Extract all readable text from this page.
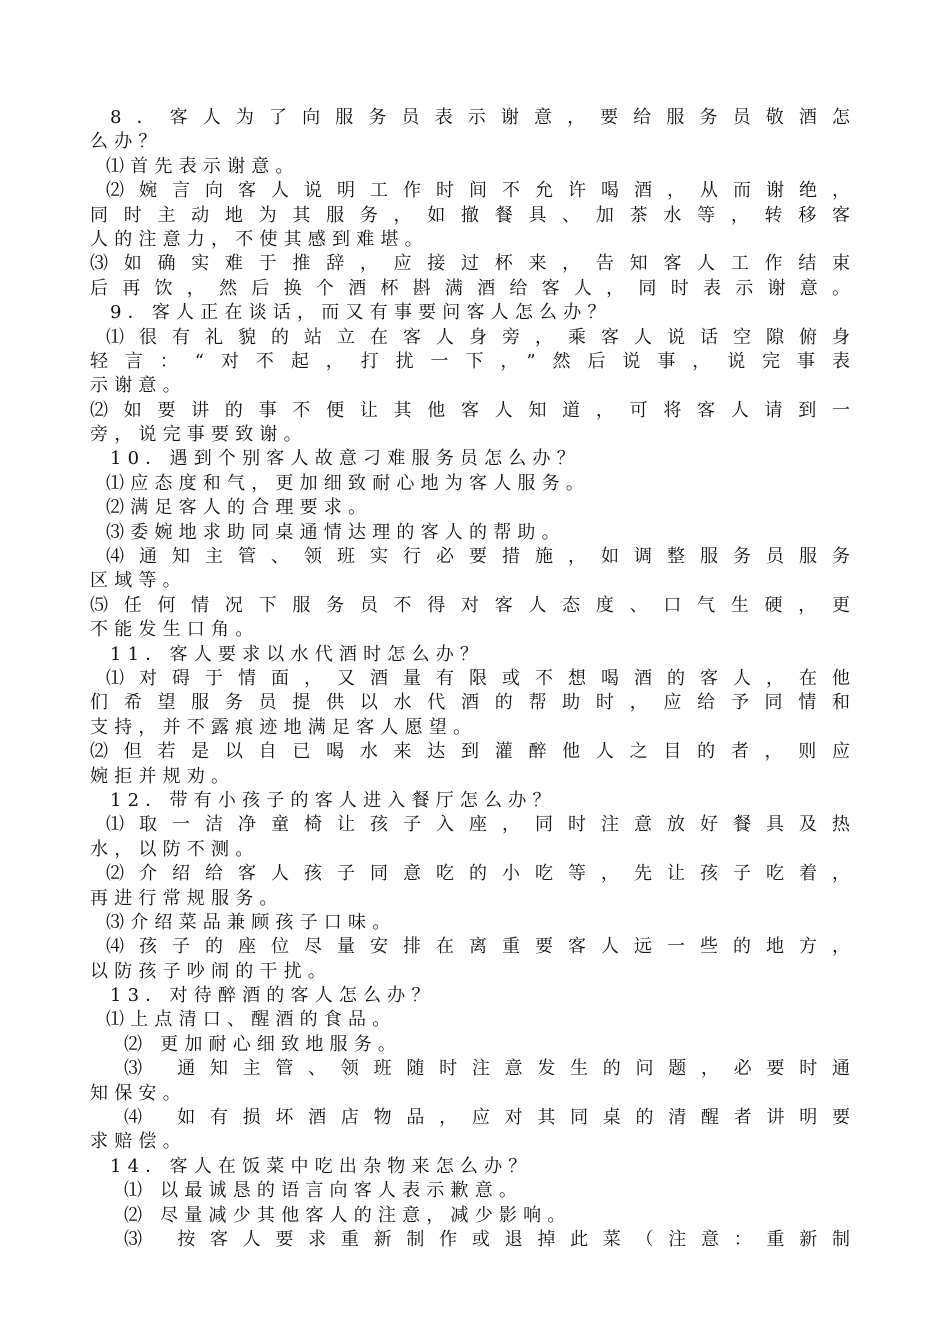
8．客人为了向服务员表示谢意，要给服务员敬酒怎
么办？
⑴首先表示谢意。
⑵婉言向客人说明工作时间不允许喝酒，从而谢绝，
同时主动地为其服务，如撤餐具、加茶水等，转移客
人的注意力，不使其感到难堪。
⑶如确实难于推辞，应接过杯来，告知客人工作结束
后再饮，然后换个酒杯斟满酒给客人，同时表示谢意。
9．客人正在谈话，而又有事要问客人怎么办？
⑴很有礼貌的站立在客人身旁，乘客人说话空隙俯身
轻言：“对不起，打扰一下，”然后说事，说完事表
示谢意。
⑵如要讲的事不便让其他客人知道，可将客人请到一
旁，说完事要致谢。
10．遇到个别客人故意刁难服务员怎么办？
⑴应态度和气，更加细致耐心地为客人服务。
⑵满足客人的合理要求。
⑶委婉地求助同桌通情达理的客人的帮助。
⑷通知主管、领班实行必要措施，如调整服务员服务
区域等。
⑸任何情况下服务员不得对客人态度、口气生硬，更
不能发生口角。
11．客人要求以水代酒时怎么办？
⑴对碍于情面，又酒量有限或不想喝酒的客人，在他
们希望服务员提供以水代酒的帮助时，应给予同情和
支持，并不露痕迹地满足客人愿望。
⑵但若是以自已喝水来达到灌醉他人之目的者，则应
婉拒并规劝。
12．带有小孩子的客人进入餐厅怎么办？
⑴取一洁净童椅让孩子入座，同时注意放好餐具及热
水，以防不测。
⑵介绍给客人孩子同意吃的小吃等，先让孩子吃着，
再进行常规服务。
⑶介绍菜品兼顾孩子口味。
⑷孩子的座位尽量安排在离重要客人远一些的地方，
以防孩子吵闹的干扰。
13．对待醉酒的客人怎么办？
⑴上点清口、醒酒的食品。
⑵ 更加耐心细致地服务。
⑶ 通知主管、领班随时注意发生的问题，必要时通
知保安。
⑷ 如有损坏酒店物品，应对其同桌的清醒者讲明要
求赔偿。
14．客人在饭菜中吃出杂物来怎么办？
⑴ 以最诚恳的语言向客人表示歉意。
⑵ 尽量减少其他客人的注意，减少影响。
⑶ 按客人要求重新制作或退掉此菜（注意：重新制
